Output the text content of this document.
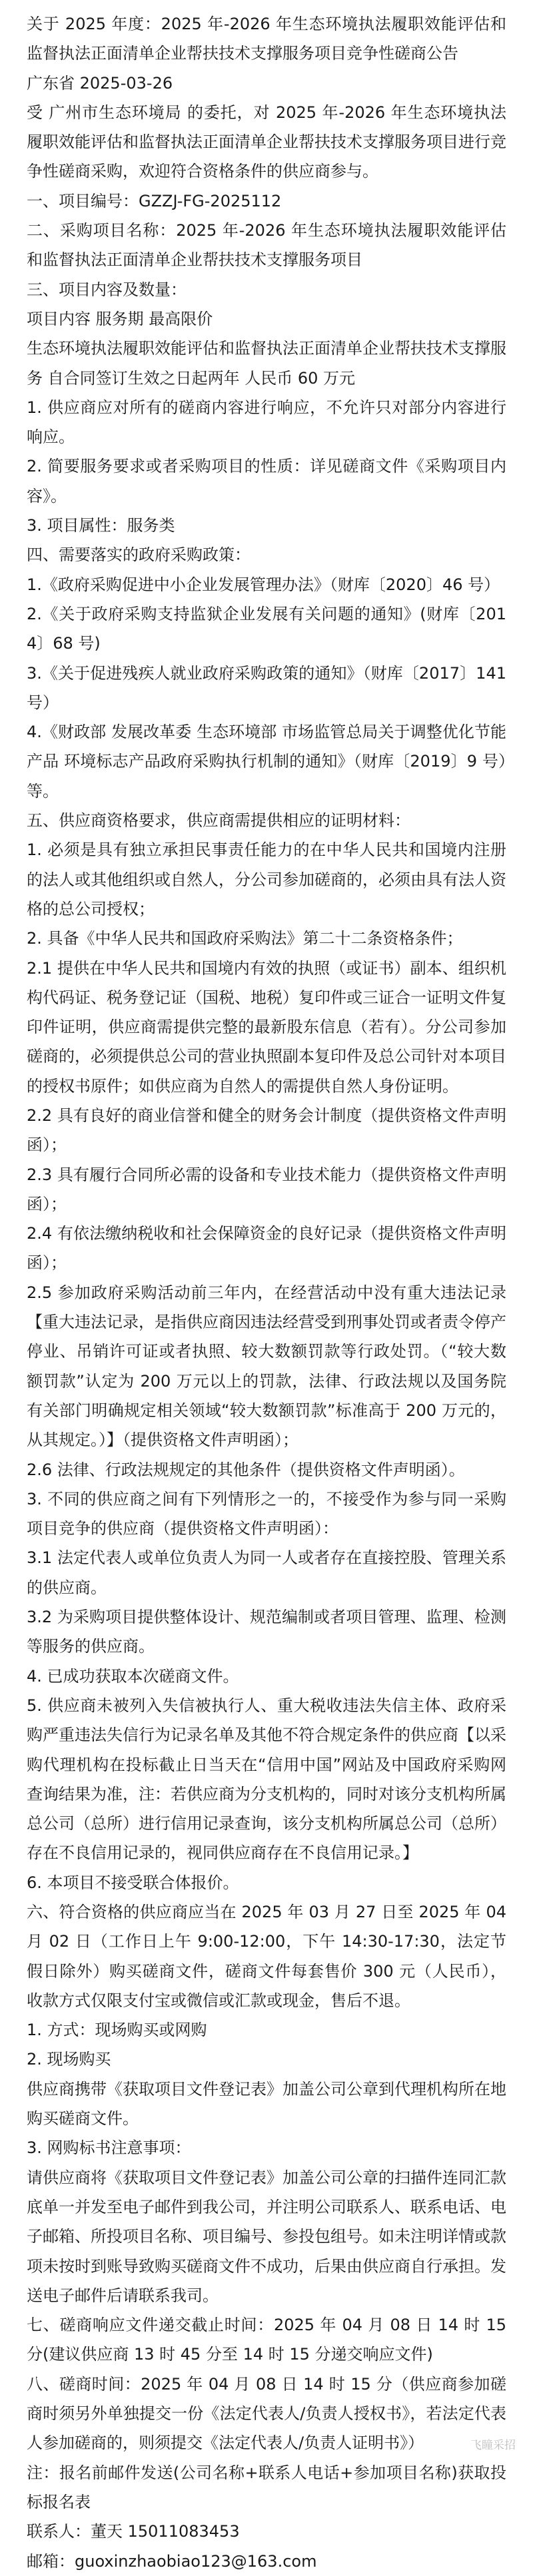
关于 2025 年度：2025 年-2026 年生态环境执法履职效能评估和监督执法正面清单企业帮扶技术支撑服务项目竞争性磋商公告

广东省 2025-03-26

受 广州市生态环境局 的委托，对 2025 年-2026 年生态环境执法履职效能评估和监督执法正面清单企业帮扶技术支撑服务项目进行竞争性磋商采购，欢迎符合资格条件的供应商参与。

一、项目编号：GZZJ-FG-2025112

二、采购项目名称：2025 年-2026 年生态环境执法履职效能评估和监督执法正面清单企业帮扶技术支撑服务项目

三、项目内容及数量：

项目内容 服务期 最高限价

生态环境执法履职效能评估和监督执法正面清单企业帮扶技术支撑服务 自合同签订生效之日起两年 人民币 60 万元

1. 供应商应对所有的磋商内容进行响应，不允许只对部分内容进行响应。

2. 简要服务要求或者采购项目的性质：详见磋商文件《采购项目内容》。

3. 项目属性：服务类

四、需要落实的政府采购政策：

1.《政府采购促进中小企业发展管理办法》（财库〔2020〕46 号）

2.《关于政府采购支持监狱企业发展有关问题的通知》(财库〔2014〕68 号)

3.《关于促进残疾人就业政府采购政策的通知》（财库〔2017〕141 号）

4.《财政部 发展改革委 生态环境部 市场监管总局关于调整优化节能产品 环境标志产品政府采购执行机制的通知》（财库〔2019〕9 号）等。

五、供应商资格要求，供应商需提供相应的证明材料：

1. 必须是具有独立承担民事责任能力的在中华人民共和国境内注册的法人或其他组织或自然人，分公司参加磋商的，必须由具有法人资格的总公司授权；

2. 具备《中华人民共和国政府采购法》第二十二条资格条件；

2.1 提供在中华人民共和国境内有效的执照（或证书）副本、组织机构代码证、税务登记证（国税、地税）复印件或三证合一证明文件复印件证明，供应商需提供完整的最新股东信息（若有）。分公司参加磋商的，必须提供总公司的营业执照副本复印件及总公司针对本项目的授权书原件；如供应商为自然人的需提供自然人身份证明。

2.2 具有良好的商业信誉和健全的财务会计制度（提供资格文件声明函）；

2.3 具有履行合同所必需的设备和专业技术能力（提供资格文件声明函）；

2.4 有依法缴纳税收和社会保障资金的良好记录（提供资格文件声明函）；

2.5 参加政府采购活动前三年内，在经营活动中没有重大违法记录【重大违法记录，是指供应商因违法经营受到刑事处罚或者责令停产停业、吊销许可证或者执照、较大数额罚款等行政处罚。（“较大数额罚款”认定为 200 万元以上的罚款，法律、行政法规以及国务院有关部门明确规定相关领域“较大数额罚款”标准高于 200 万元的，从其规定。）】（提供资格文件声明函）；

2.6 法律、行政法规规定的其他条件（提供资格文件声明函）。

3. 不同的供应商之间有下列情形之一的，不接受作为参与同一采购项目竞争的供应商（提供资格文件声明函）：

3.1 法定代表人或单位负责人为同一人或者存在直接控股、管理关系的供应商。

3.2 为采购项目提供整体设计、规范编制或者项目管理、监理、检测等服务的供应商。

4. 已成功获取本次磋商文件。

5. 供应商未被列入失信被执行人、重大税收违法失信主体、政府采购严重违法失信行为记录名单及其他不符合规定条件的供应商【以采购代理机构在投标截止日当天在“信用中国”网站及中国政府采购网查询结果为准，注：若供应商为分支机构的，同时对该分支机构所属总公司（总所）进行信用记录查询，该分支机构所属总公司（总所）存在不良信用记录的，视同供应商存在不良信用记录。】

6. 本项目不接受联合体报价。

六、符合资格的供应商应当在 2025 年 03 月 27 日至 2025 年 04 月 02 日（工作日上午 9:00-12:00，下午 14:30-17:30，法定节假日除外）购买磋商文件，磋商文件每套售价 300 元（人民币），收款方式仅限支付宝或微信或汇款或现金，售后不退。

1. 方式：现场购买或网购

2. 现场购买

供应商携带《获取项目文件登记表》加盖公司公章到代理机构所在地购买磋商文件。

3. 网购标书注意事项：

请供应商将《获取项目文件登记表》加盖公司公章的扫描件连同汇款底单一并发至电子邮件到我公司，并注明公司联系人、联系电话、电子邮箱、所投项目名称、项目编号、参投包组号。如未注明详情或款项未按时到账导致购买磋商文件不成功，后果由供应商自行承担。发送电子邮件后请联系我司。

七、磋商响应文件递交截止时间：2025 年 04 月 08 日 14 时 15 分(建议供应商 13 时 45 分至 14 时 15 分递交响应文件)

八、磋商时间：2025 年 04 月 08 日 14 时 15 分（供应商参加磋商时须另外单独提交一份《法定代表人/负责人授权书》，若法定代表人参加磋商的，则须提交《法定代表人/负责人证明书》）

注：报名前邮件发送(公司名称+联系人电话+参加项目名称)获取投标报名表

联系人：董天 15011083453

邮箱：guoxinzhaobiao123@163.com

飞瞳采招
